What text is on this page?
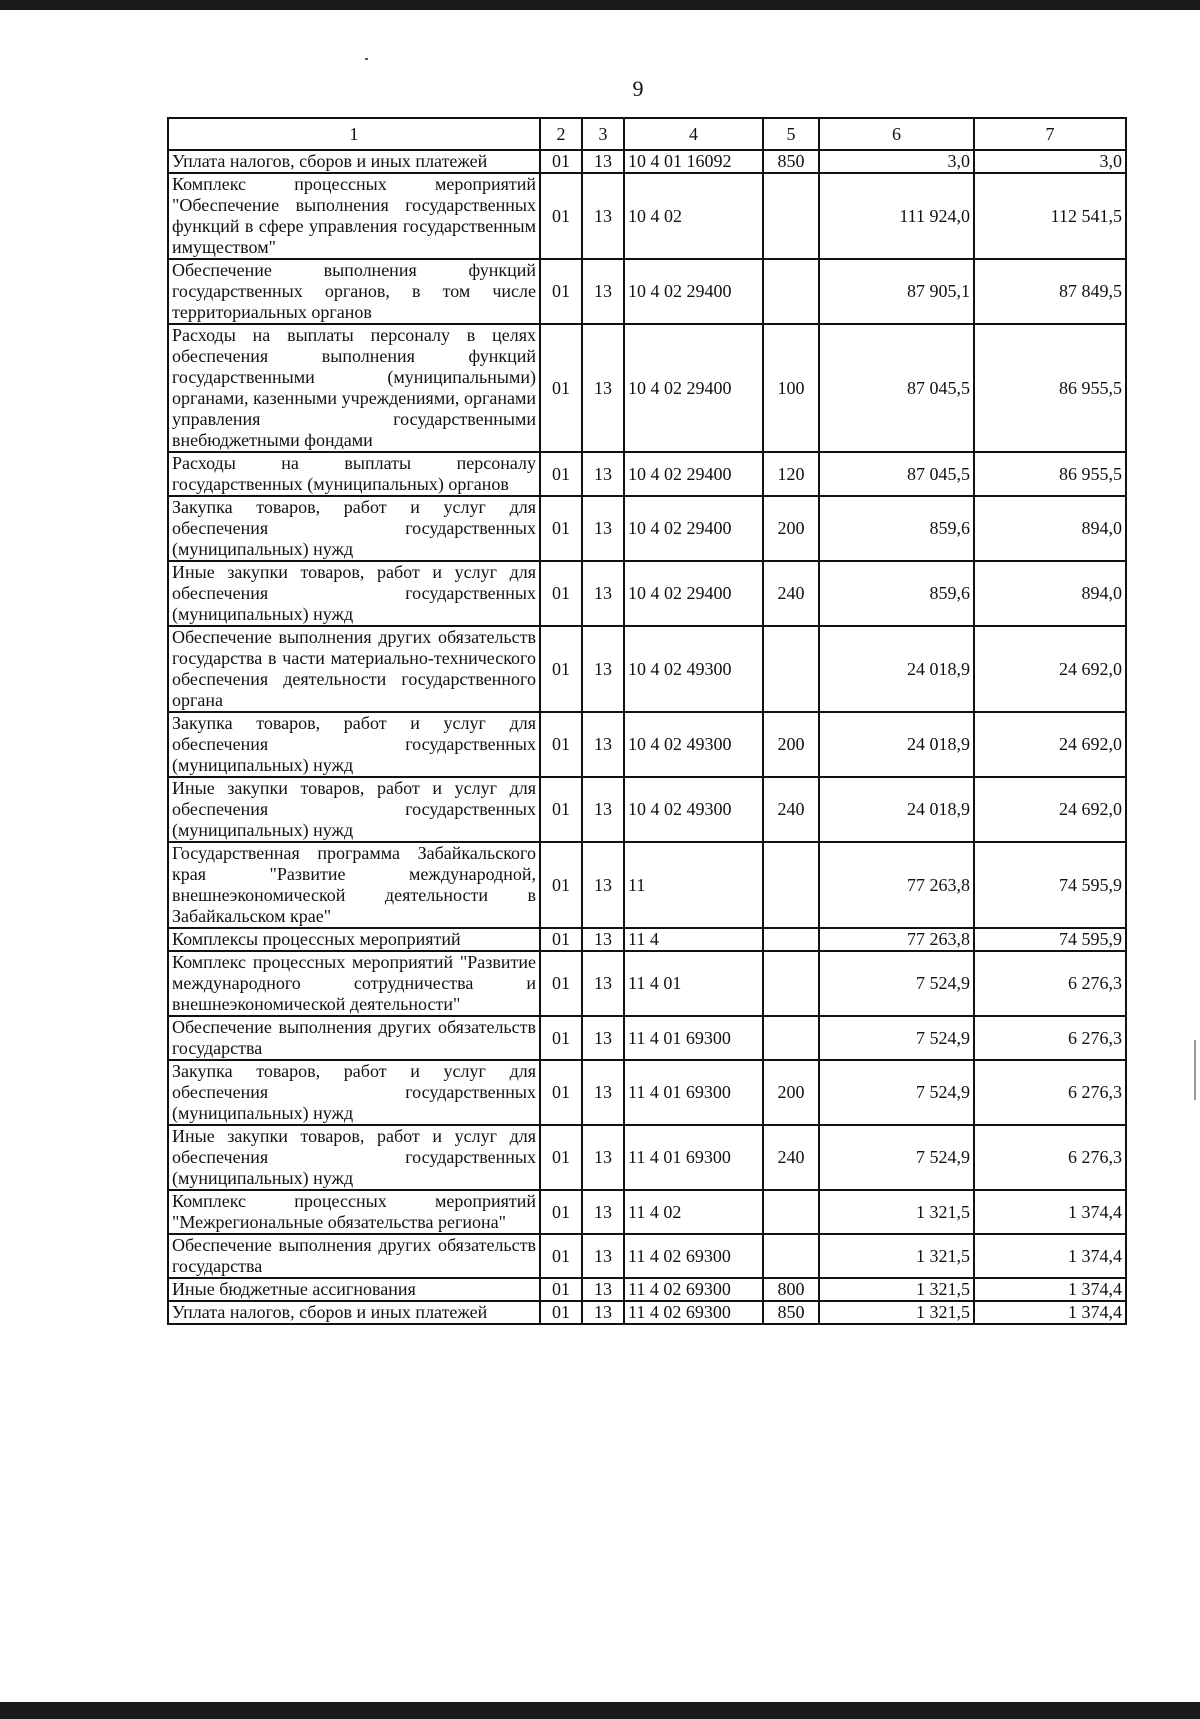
9
1	2	3	4	5	6	7
Уплата налогов, сборов и иных платежей	01	13	10 4 01 16092	850	3,0	3,0
Комплекс процессных мероприятий "Обеспечение выполнения государственных функций в сфере управления государственным имуществом"	01	13	10 4 02		111 924,0	112 541,5
Обеспечение выполнения функций государственных органов, в том числе территориальных органов	01	13	10 4 02 29400		87 905,1	87 849,5
Расходы на выплаты персоналу в целях обеспечения выполнения функций государственными (муниципальными) органами, казенными учреждениями, органами управления государственными внебюджетными фондами	01	13	10 4 02 29400	100	87 045,5	86 955,5
Расходы на выплаты персоналу государственных (муниципальных) органов	01	13	10 4 02 29400	120	87 045,5	86 955,5
Закупка товаров, работ и услуг для обеспечения государственных (муниципальных) нужд	01	13	10 4 02 29400	200	859,6	894,0
Иные закупки товаров, работ и услуг для обеспечения государственных (муниципальных) нужд	01	13	10 4 02 29400	240	859,6	894,0
Обеспечение выполнения других обязательств государства в части материально-технического обеспечения деятельности государственного органа	01	13	10 4 02 49300		24 018,9	24 692,0
Закупка товаров, работ и услуг для обеспечения государственных (муниципальных) нужд	01	13	10 4 02 49300	200	24 018,9	24 692,0
Иные закупки товаров, работ и услуг для обеспечения государственных (муниципальных) нужд	01	13	10 4 02 49300	240	24 018,9	24 692,0
Государственная программа Забайкальского края "Развитие международной, внешнеэкономической деятельности в Забайкальском крае"	01	13	11		77 263,8	74 595,9
Комплексы процессных мероприятий	01	13	11 4		77 263,8	74 595,9
Комплекс процессных мероприятий "Развитие международного сотрудничества и внешнеэкономической деятельности"	01	13	11 4 01		7 524,9	6 276,3
Обеспечение выполнения других обязательств государства	01	13	11 4 01 69300		7 524,9	6 276,3
Закупка товаров, работ и услуг для обеспечения государственных (муниципальных) нужд	01	13	11 4 01 69300	200	7 524,9	6 276,3
Иные закупки товаров, работ и услуг для обеспечения государственных (муниципальных) нужд	01	13	11 4 01 69300	240	7 524,9	6 276,3
Комплекс процессных мероприятий "Межрегиональные обязательства региона"	01	13	11 4 02		1 321,5	1 374,4
Обеспечение выполнения других обязательств государства	01	13	11 4 02 69300		1 321,5	1 374,4
Иные бюджетные ассигнования	01	13	11 4 02 69300	800	1 321,5	1 374,4
Уплата налогов, сборов и иных платежей	01	13	11 4 02 69300	850	1 321,5	1 374,4
